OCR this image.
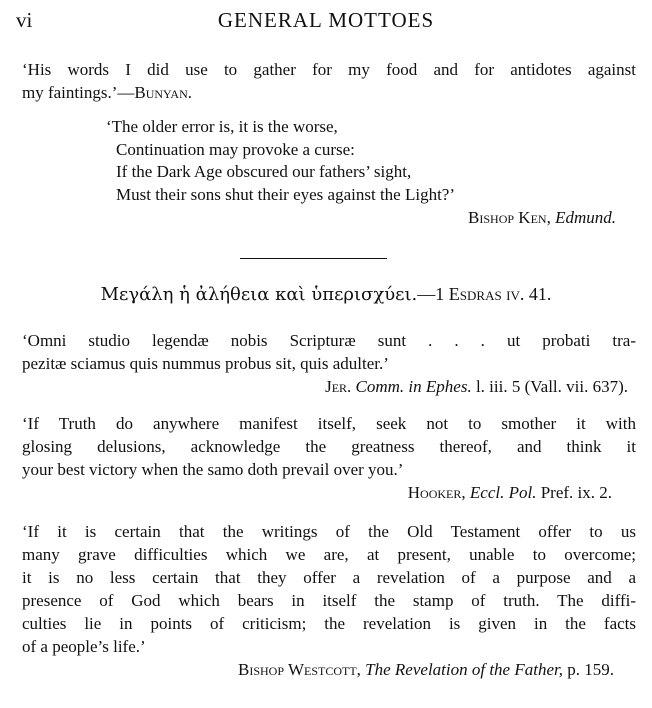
vi	GENERAL MOTTOES
‘His words I did use to gather for my food and for antidotes against
my faintings.’—Bunyan.
‘The older error is, it is the worse,
Continuation may provoke a curse:
If the Dark Age obscured our fathers’ sight,
Must their sons shut their eyes against the Light?’
Bishop Ken, Edmund.
Μεγάλη ἡ ἀλήθεια καὶ ὑπερισχύει.—1 Esdras iv. 41.
‘Omni studio legendæ nobis Scripturæ sunt . . . ut probati tra-
pezitæ sciamus quis nummus probus sit, quis adulter.’
Jer. Comm. in Ephes. l. iii. 5 (Vall. vii. 637).
‘If Truth do anywhere manifest itself, seek not to smother it with
glosing delusions, acknowledge the greatness thereof, and think it
your best victory when the samo doth prevail over you.’
Hooker, Eccl. Pol. Pref. ix. 2.
‘If it is certain that the writings of the Old Testament offer to us
many grave difficulties which we are, at present, unable to overcome;
it is no less certain that they offer a revelation of a purpose and a
presence of God which bears in itself the stamp of truth. The diffi-
culties lie in points of criticism; the revelation is given in the facts
of a people’s life.’
Bishop Westcott, The Revelation of the Father, p. 159.
